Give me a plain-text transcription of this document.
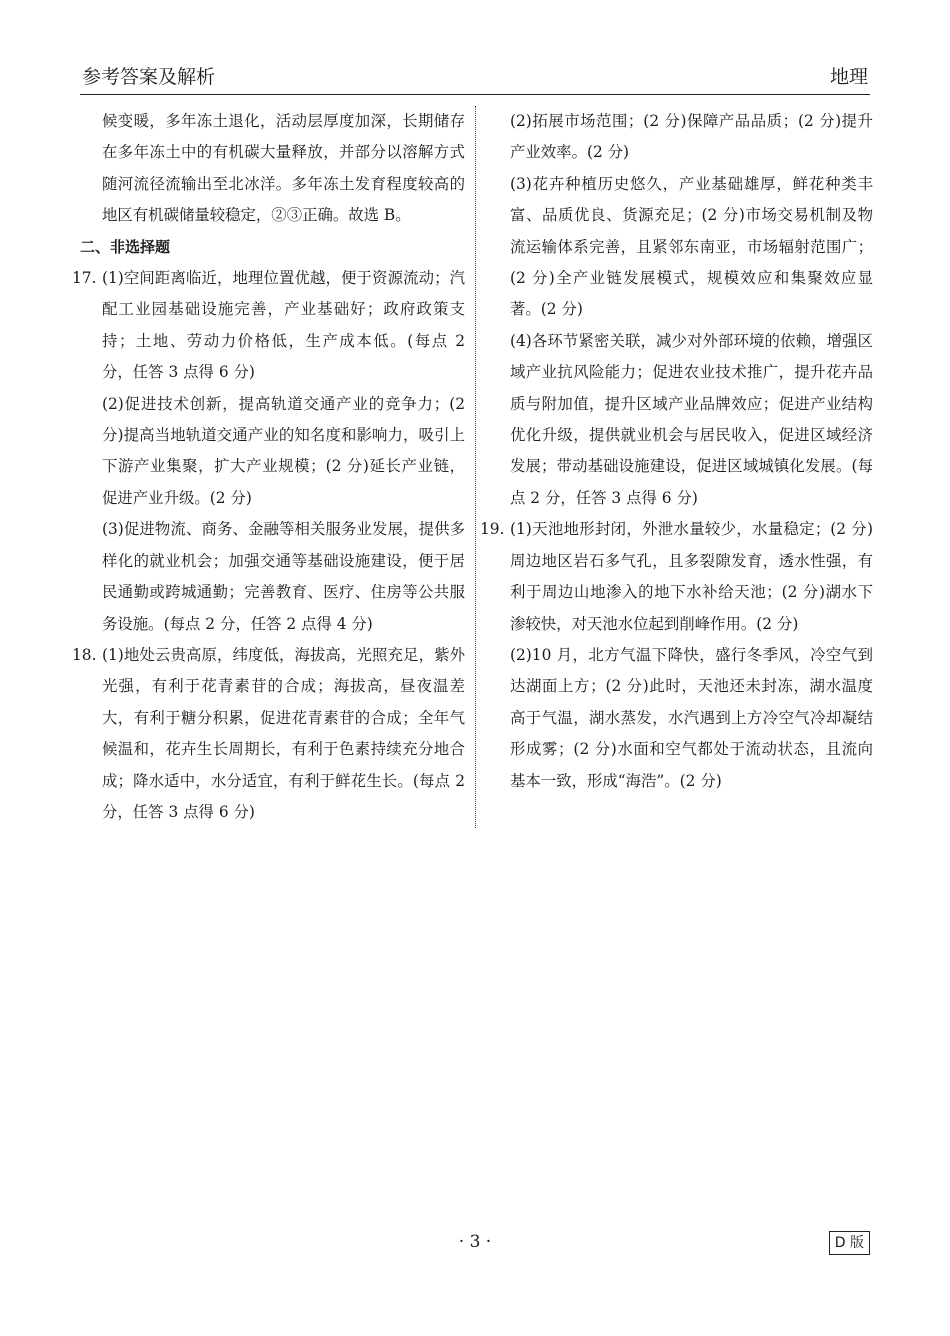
参考答案及解析	地理

候变暖，多年冻土退化，活动层厚度加深，长期储存在多年冻土中的有机碳大量释放，并部分以溶解方式随河流径流输出至北冰洋。多年冻土发育程度较高的地区有机碳储量较稳定，②③正确。故选 B。

二、非选择题

17. (1)空间距离临近，地理位置优越，便于资源流动；汽配工业园基础设施完善，产业基础好；政府政策支持；土地、劳动力价格低，生产成本低。(每点 2 分，任答 3 点得 6 分)

(2)促进技术创新，提高轨道交通产业的竞争力；(2 分)提高当地轨道交通产业的知名度和影响力，吸引上下游产业集聚，扩大产业规模；(2 分)延长产业链，促进产业升级。(2 分)

(3)促进物流、商务、金融等相关服务业发展，提供多样化的就业机会；加强交通等基础设施建设，便于居民通勤或跨城通勤；完善教育、医疗、住房等公共服务设施。(每点 2 分，任答 2 点得 4 分)

18. (1)地处云贵高原，纬度低，海拔高，光照充足，紫外光强，有利于花青素苷的合成；海拔高，昼夜温差大，有利于糖分积累，促进花青素苷的合成；全年气候温和，花卉生长周期长，有利于色素持续充分地合成；降水适中，水分适宜，有利于鲜花生长。(每点 2 分，任答 3 点得 6 分)

(2)拓展市场范围；(2 分)保障产品品质；(2 分)提升产业效率。(2 分)

(3)花卉种植历史悠久，产业基础雄厚，鲜花种类丰富、品质优良、货源充足；(2 分)市场交易机制及物流运输体系完善，且紧邻东南亚，市场辐射范围广；(2 分)全产业链发展模式，规模效应和集聚效应显著。(2 分)

(4)各环节紧密关联，减少对外部环境的依赖，增强区域产业抗风险能力；促进农业技术推广，提升花卉品质与附加值，提升区域产业品牌效应；促进产业结构优化升级，提供就业机会与居民收入，促进区域经济发展；带动基础设施建设，促进区域城镇化发展。(每点 2 分，任答 3 点得 6 分)

19. (1)天池地形封闭，外泄水量较少，水量稳定；(2 分)周边地区岩石多气孔，且多裂隙发育，透水性强，有利于周边山地渗入的地下水补给天池；(2 分)湖水下渗较快，对天池水位起到削峰作用。(2 分)

(2)10 月，北方气温下降快，盛行冬季风，冷空气到达湖面上方；(2 分)此时，天池还未封冻，湖水温度高于气温，湖水蒸发，水汽遇到上方冷空气冷却凝结形成雾；(2 分)水面和空气都处于流动状态，且流向基本一致，形成“海浩”。(2 分)

· 3 ·	D 版
